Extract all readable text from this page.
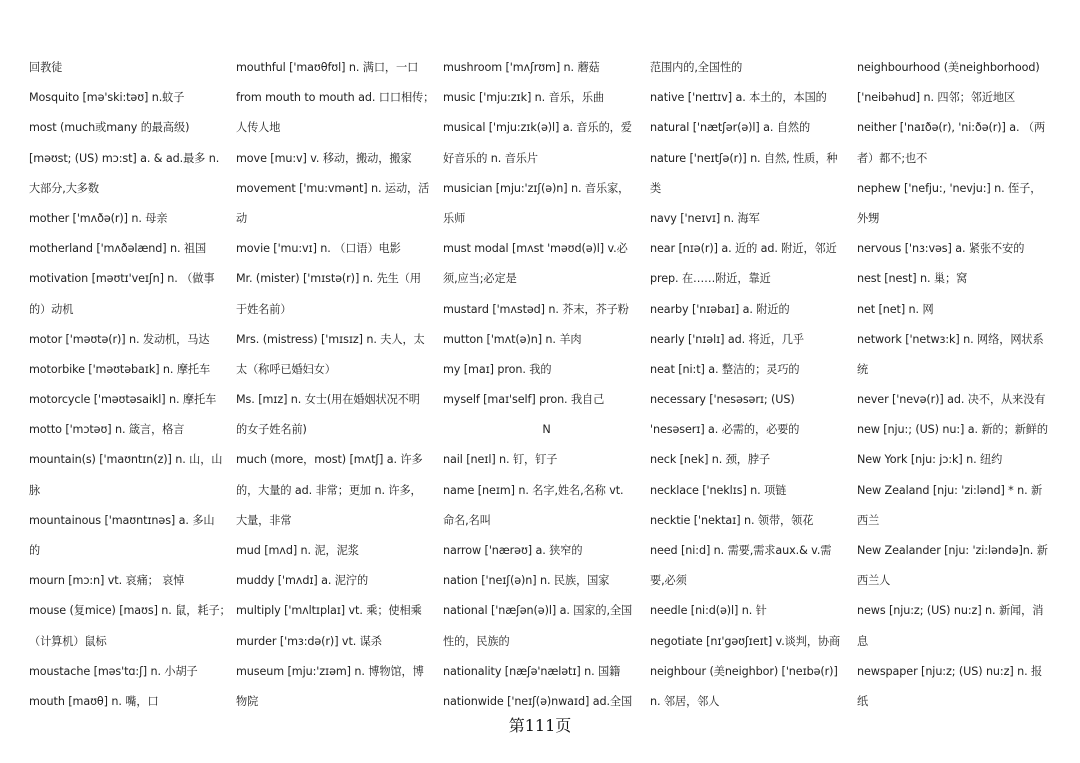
回教徒
Mosquito [mə'ski:təʊ] n.蚊子
most (much或many 的最高级)
[məʊst; (US) mɔ:st] a. & ad.最多 n.
大部分,大多数
mother ['mʌðə(r)] n. 母亲
motherland ['mʌðəlænd] n. 祖国
motivation [məʊtɪ'veɪʃn] n. （做事
的）动机
motor ['məʊtə(r)] n. 发动机，马达
motorbike ['məʊtəbaɪk] n. 摩托车
motorcycle ['məʊtəsaikl] n. 摩托车
motto ['mɔtəʊ] n. 箴言，格言
mountain(s) ['maʊntɪn(z)] n. 山，山
脉
mountainous ['maʊntɪnəs] a. 多山
的
mourn [mɔ:n] vt. 哀痛； 哀悼
mouse (复mice) [maʊs] n. 鼠，耗子；
（计算机）鼠标
moustache [məs'tɑ:ʃ] n. 小胡子
mouth [maʊθ] n. 嘴，口
mouthful ['maʊθfʊl] n. 满口，一口
from mouth to mouth ad. 口口相传；
人传人地
move [mu:v] v. 移动，搬动，搬家
movement ['mu:vmənt] n. 运动，活
动
movie ['mu:vɪ] n. （口语）电影
Mr. (mister) ['mɪstə(r)] n. 先生（用
于姓名前）
Mrs. (mistress) ['mɪsɪz] n. 夫人，太
太（称呼已婚妇女）
Ms. [mɪz] n. 女士(用在婚姻状况不明
的女子姓名前)
much (more，most) [mʌtʃ] a. 许多
的，大量的 ad. 非常；更加 n. 许多，
大量，非常
mud [mʌd] n. 泥，泥浆
muddy ['mʌdɪ] a. 泥泞的
multiply ['mʌltɪplaɪ] vt. 乘；使相乘
murder ['mɜ:də(r)] vt. 谋杀
museum [mju:'zɪəm] n. 博物馆，博
物院
mushroom ['mʌʃrʊm] n. 蘑菇
music ['mju:zɪk] n. 音乐，乐曲
musical ['mju:zɪk(ə)l] a. 音乐的，爱
好音乐的 n. 音乐片
musician [mju:'zɪʃ(ə)n] n. 音乐家，
乐师
must modal [mʌst 'məʊd(ə)l] v.必
须,应当;必定是
mustard ['mʌstəd] n. 芥末，芥子粉
mutton ['mʌt(ə)n] n. 羊肉
my [maɪ] pron. 我的
myself [maɪ'self] pron. 我自己
N
nail [neɪl] n. 钉，钉子
name [neɪm] n. 名字,姓名,名称 vt.
命名,名叫
narrow ['nærəʊ] a. 狭窄的
nation ['neɪʃ(ə)n] n. 民族，国家
national ['næʃən(ə)l] a. 国家的,全国
性的，民族的
nationality [næʃə'nælətɪ] n. 国籍
nationwide ['neɪʃ(ə)nwaɪd] ad.全国
范围内的,全国性的
native ['neɪtɪv] a. 本土的，本国的
natural ['nætʃər(ə)l] a. 自然的
nature ['neɪtʃə(r)] n. 自然, 性质，种
类
navy ['neɪvɪ] n. 海军
near [nɪə(r)] a. 近的 ad. 附近，邻近
prep. 在……附近，靠近
nearby ['nɪəbaɪ] a. 附近的
nearly ['nɪəlɪ] ad. 将近，几乎
neat [ni:t] a. 整洁的；灵巧的
necessary ['nesəsərɪ; (US)
'nesəserɪ] a. 必需的，必要的
neck [nek] n. 颈，脖子
necklace ['neklɪs] n. 项链
necktie ['nektaɪ] n. 领带，领花
need [ni:d] n. 需要,需求aux.& v.需
要,必须
needle [ni:d(ə)l] n. 针
negotiate [nɪ'gəʊʃɪeɪt] v.谈判，协商
neighbour (美neighbor) ['neɪbə(r)]
n. 邻居，邻人
neighbourhood (美neighborhood)
['neibəhud] n. 四邻；邻近地区
neither ['naɪðə(r), 'ni:ðə(r)] a. （两
者）都不;也不
nephew ['nefju:, 'nevju:] n. 侄子，
外甥
nervous ['nɜ:vəs] a. 紧张不安的
nest [nest] n. 巢；窝
net [net] n. 网
network ['netwɜ:k] n. 网络，网状系
统
never ['nevə(r)] ad. 决不，从来没有
new [nju:; (US) nu:] a. 新的；新鲜的
New York [nju: jɔ:k] n. 纽约
New Zealand [nju: 'zi:lənd] * n. 新
西兰
New Zealander [nju: 'zi:ləndə]n. 新
西兰人
news [nju:z; (US) nu:z] n. 新闻，消
息
newspaper [nju:z; (US) nu:z] n. 报
纸
第111页
